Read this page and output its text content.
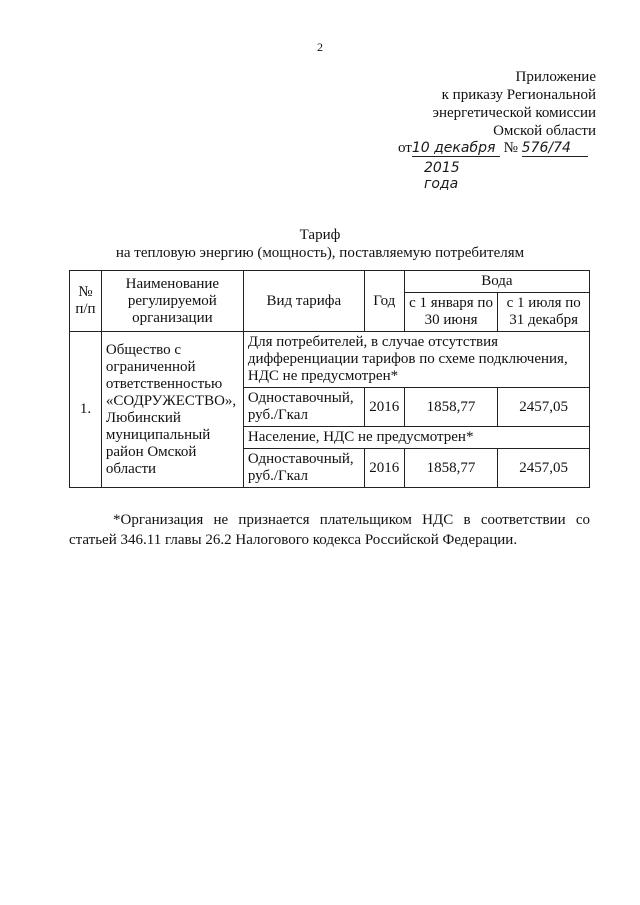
2
Приложение
к приказу Региональной
энергетической комиссии
Омской области
от10 декабря № 576/74
2015 года
Тариф
на тепловую энергию (мощность), поставляемую потребителям
№ п/п	Наименование регулируемой организации	Вид тарифа	Год	Вода	
				с 1 января по 30 июня	с 1 июля по 31 декабря
1.	Общество с ограниченной ответственностью «СОДРУЖЕСТВО», Любинский муниципальный район Омской области	Для потребителей, в случае отсутствия дифференциации тарифов по схеме подключения, НДС не предусмотрен*			
		Одноставочный, руб./Гкал	2016	1858,77	2457,05
		Население, НДС не предусмотрен*			
		Одноставочный, руб./Гкал	2016	1858,77	2457,05
*Организация не признается плательщиком НДС в соответствии со статьей 346.11 главы 26.2 Налогового кодекса Российской Федерации.
